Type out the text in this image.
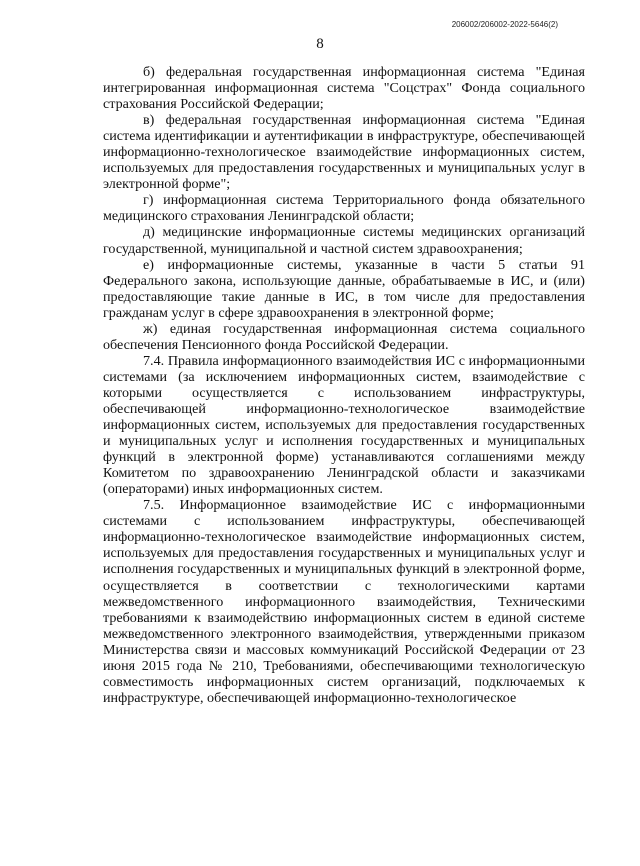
206002/206002-2022-5646(2)
8

б) федеральная государственная информационная система "Единая интегрированная информационная система "Соцстрах" Фонда социального страхования Российской Федерации;

в) федеральная государственная информационная система "Единая система идентификации и аутентификации в инфраструктуре, обеспечивающей информационно-технологическое взаимодействие информационных систем, используемых для предоставления государственных и муниципальных услуг в электронной форме";

г) информационная система Территориального фонда обязательного медицинского страхования Ленинградской области;

д) медицинские информационные системы медицинских организаций государственной, муниципальной и частной систем здравоохранения;

е) информационные системы, указанные в части 5 статьи 91 Федерального закона, использующие данные, обрабатываемые в ИС, и (или) предоставляющие такие данные в ИС, в том числе для предоставления гражданам услуг в сфере здравоохранения в электронной форме;

ж) единая государственная информационная система социального обеспечения Пенсионного фонда Российской Федерации.

7.4. Правила информационного взаимодействия ИС с информационными системами (за исключением информационных систем, взаимодействие с которыми осуществляется с использованием инфраструктуры, обеспечивающей информационно-технологическое взаимодействие информационных систем, используемых для предоставления государственных и муниципальных услуг и исполнения государственных и муниципальных функций в электронной форме) устанавливаются соглашениями между Комитетом по здравоохранению Ленинградской области и заказчиками (операторами) иных информационных систем.

7.5. Информационное взаимодействие ИС с информационными системами с использованием инфраструктуры, обеспечивающей информационно-технологическое взаимодействие информационных систем, используемых для предоставления государственных и муниципальных услуг и исполнения государственных и муниципальных функций в электронной форме, осуществляется в соответствии с технологическими картами межведомственного информационного взаимодействия, Техническими требованиями к взаимодействию информационных систем в единой системе межведомственного электронного взаимодействия, утвержденными приказом Министерства связи и массовых коммуникаций Российской Федерации от 23 июня 2015 года № 210, Требованиями, обеспечивающими технологическую совместимость информационных систем организаций, подключаемых к инфраструктуре, обеспечивающей информационно-технологическое
